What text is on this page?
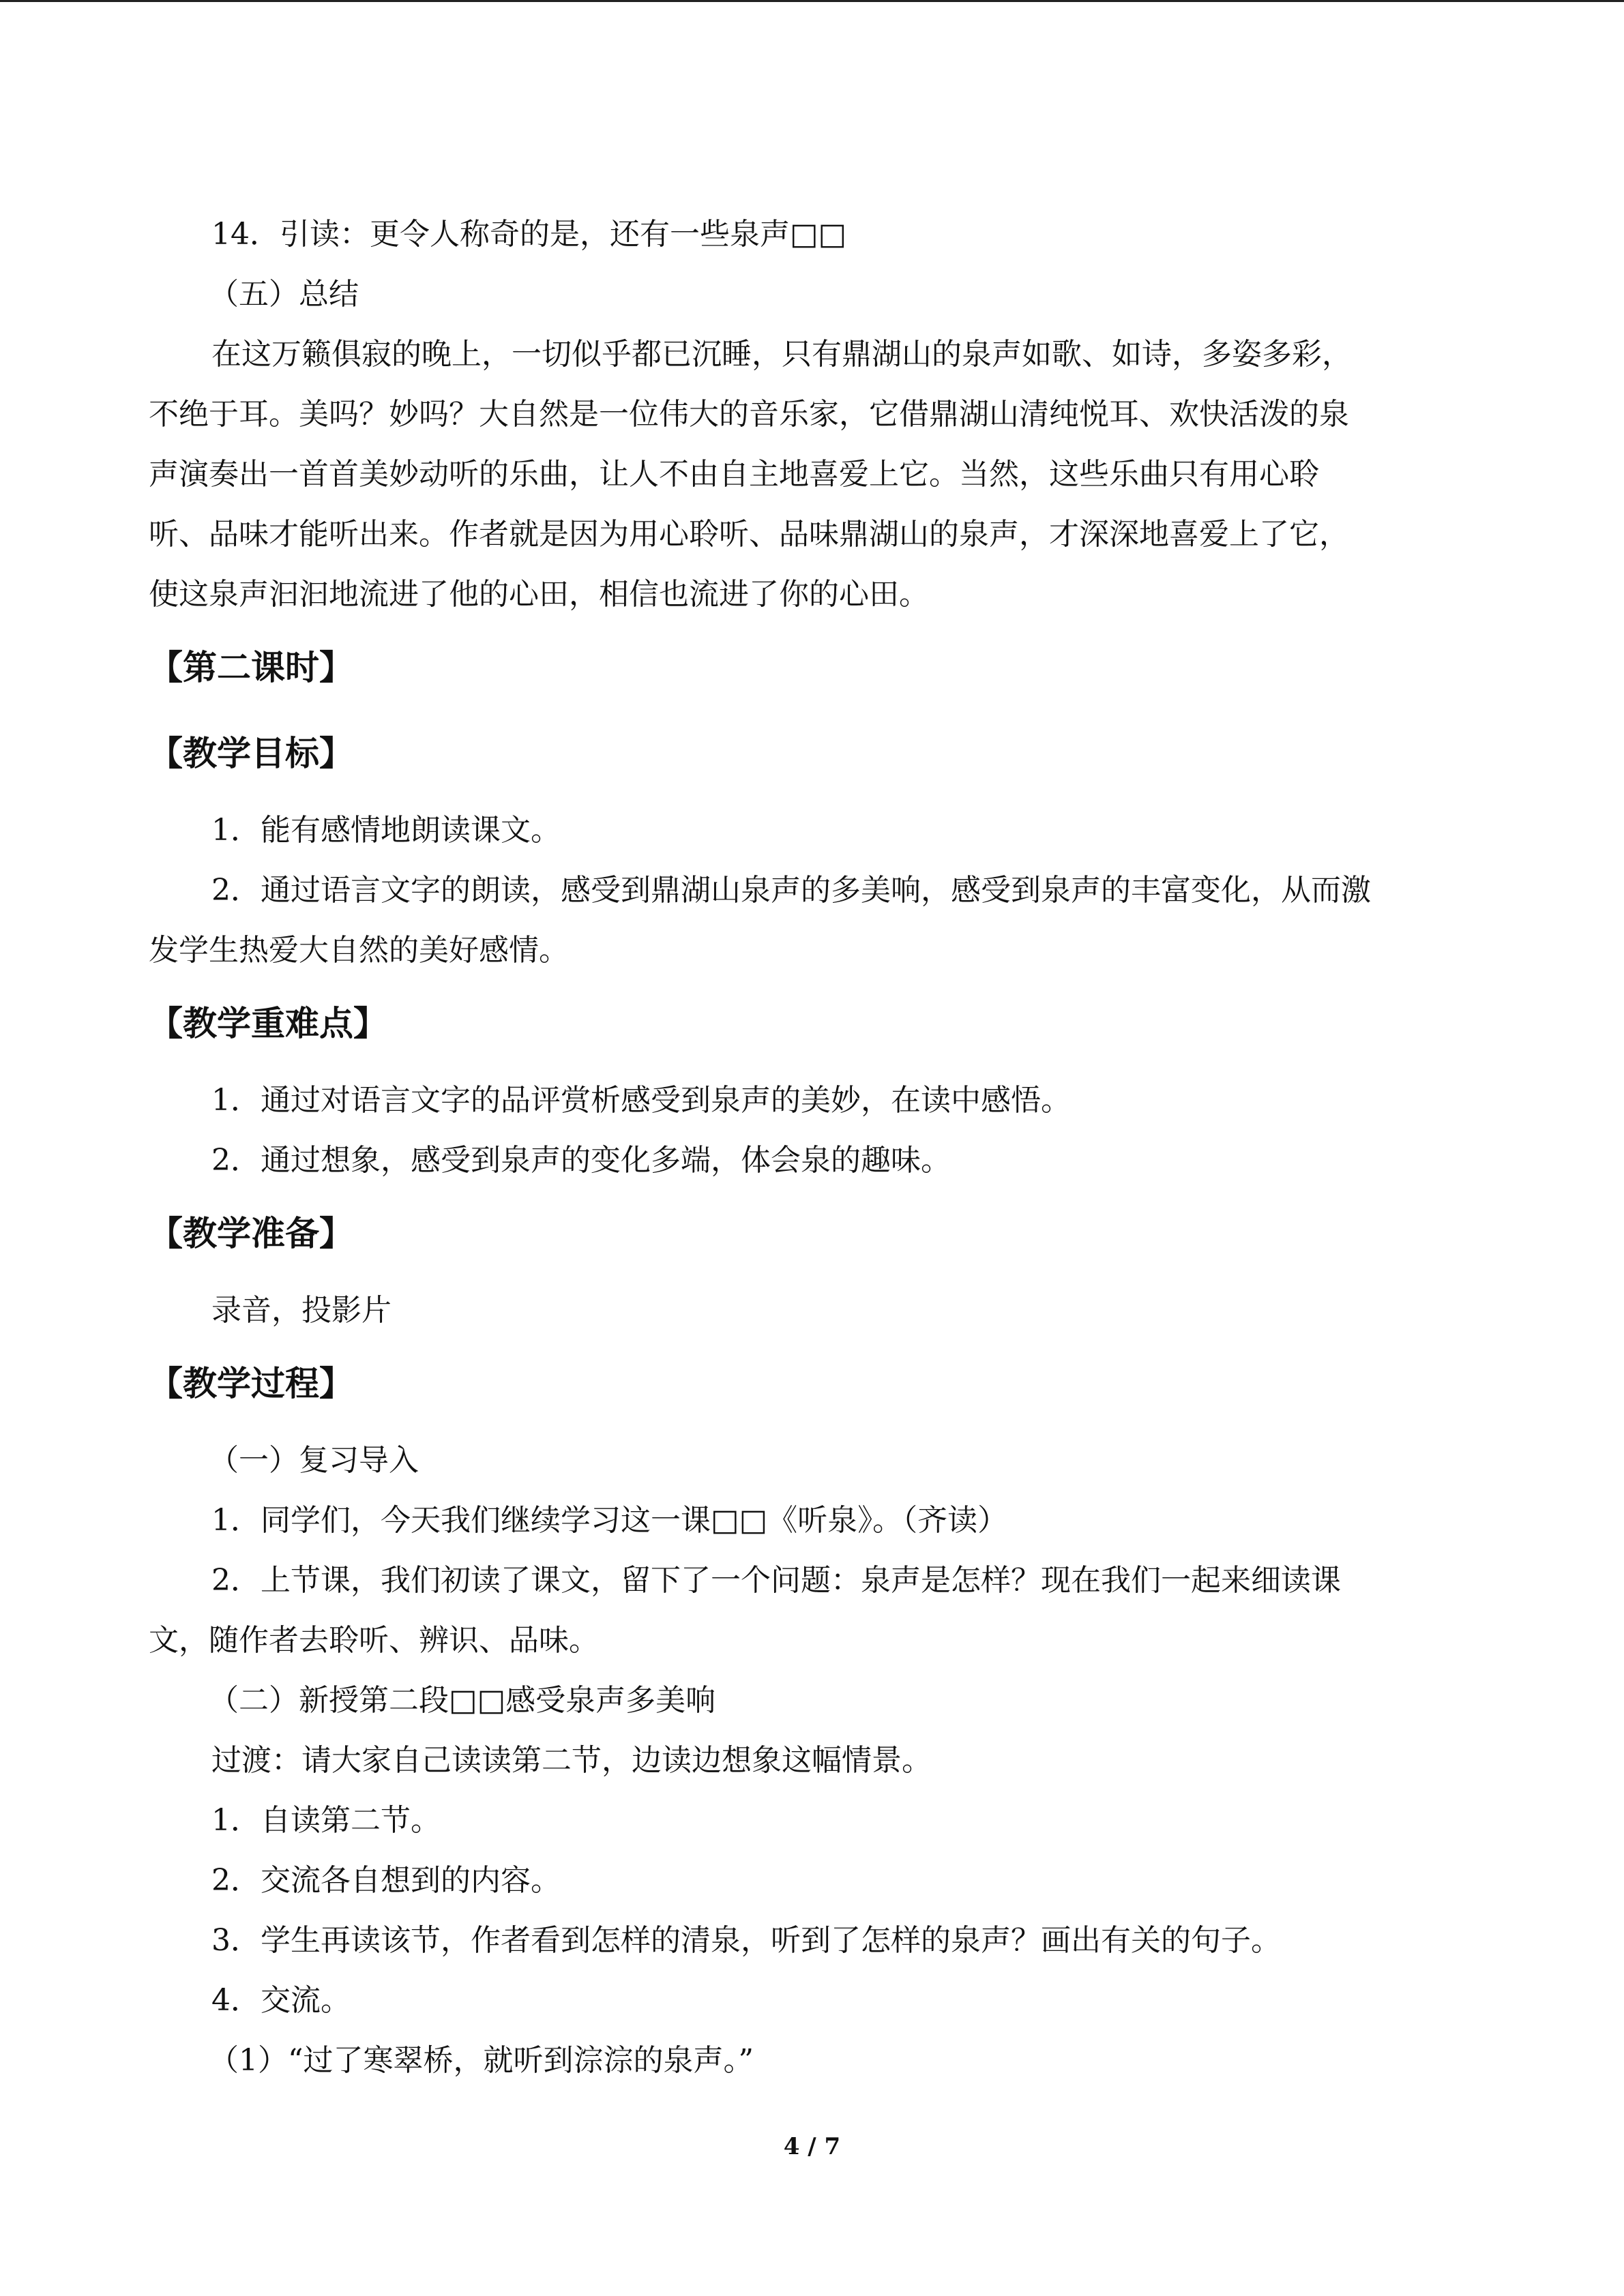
14．引读：更令人称奇的是，还有一些泉声□□

（五）总结

在这万籁俱寂的晚上，一切似乎都已沉睡，只有鼎湖山的泉声如歌、如诗，多姿多彩，

不绝于耳。美吗？妙吗？大自然是一位伟大的音乐家，它借鼎湖山清纯悦耳、欢快活泼的泉

声演奏出一首首美妙动听的乐曲，让人不由自主地喜爱上它。当然，这些乐曲只有用心聆

听、品味才能听出来。作者就是因为用心聆听、品味鼎湖山的泉声，才深深地喜爱上了它，

使这泉声汩汩地流进了他的心田，相信也流进了你的心田。

【第二课时】
【教学目标】

1．能有感情地朗读课文。

2．通过语言文字的朗读，感受到鼎湖山泉声的多美响，感受到泉声的丰富变化，从而激

发学生热爱大自然的美好感情。

【教学重难点】

1．通过对语言文字的品评赏析感受到泉声的美妙，在读中感悟。

2．通过想象，感受到泉声的变化多端，体会泉的趣味。

【教学准备】

录音，投影片

【教学过程】

（一）复习导入

1．同学们，今天我们继续学习这一课□□《听泉》。（齐读）

2．上节课，我们初读了课文，留下了一个问题：泉声是怎样？现在我们一起来细读课

文，随作者去聆听、辨识、品味。

（二）新授第二段□□感受泉声多美响

过渡：请大家自己读读第二节，边读边想象这幅情景。

1．自读第二节。

2．交流各自想到的内容。

3．学生再读该节，作者看到怎样的清泉，听到了怎样的泉声？画出有关的句子。

4．交流。

（1）“过了寒翠桥，就听到淙淙的泉声。”

4 / 7
